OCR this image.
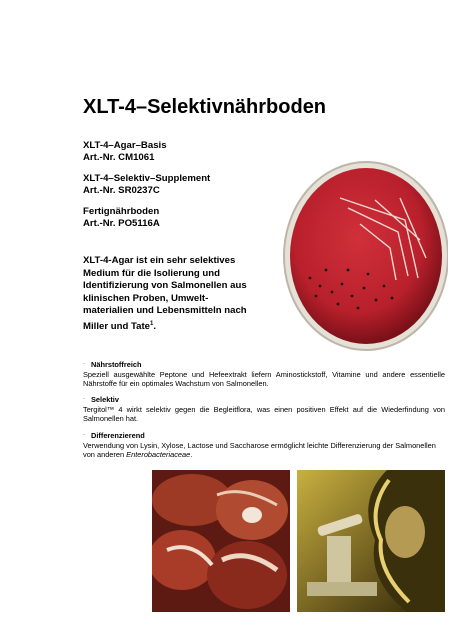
XLT-4–Selektivnährboden
XLT-4–Agar–Basis
Art.-Nr. CM1061
XLT-4–Selektiv–Supplement
Art.-Nr. SR0237C
Fertignährboden
Art.-Nr. PO5116A
XLT-4-Agar ist ein sehr selektives
Medium für die Isolierung und
Identifizierung von Salmonellen aus
klinischen Proben, Umwelt-
materialien und Lebensmitteln nach
Miller und Tate$^1$.
· Nährstoffreich
Speziell ausgewählte Peptone und Hefeextrakt liefern Aminostickstoff, Vitamine und andere essentielle Nährstoffe für ein optimales Wachstum von Salmonellen.
· Selektiv
Tergitol™ 4 wirkt selektiv gegen die Begleitflora, was einen positiven Effekt auf die Wiederfindung von Salmonellen hat.
· Differenzierend
Verwendung von Lysin, Xylose, Lactose und Saccharose ermöglicht leichte Differenzierung der Salmonellen von anderen Enterobacteriaceae.
